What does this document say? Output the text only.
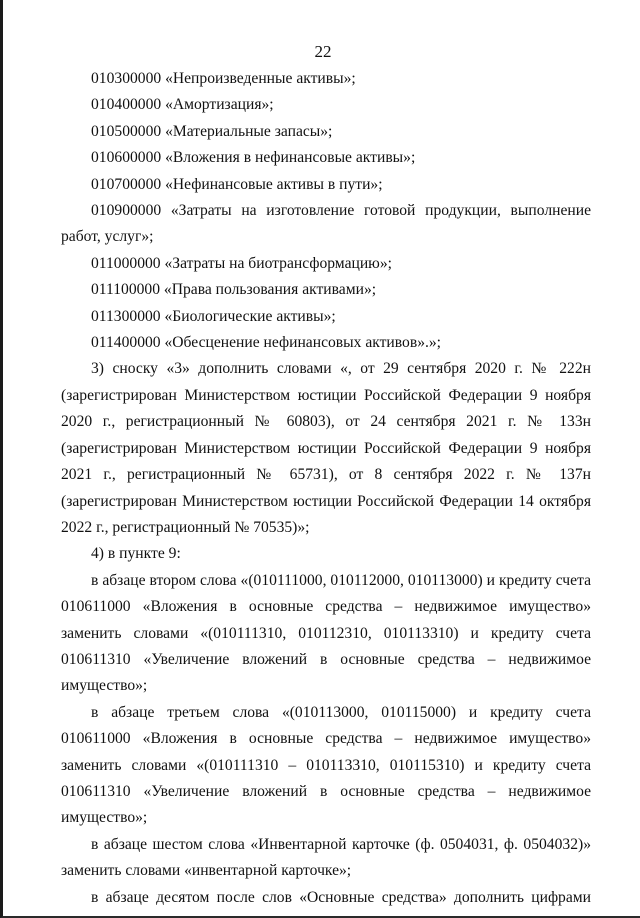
22

010300000 «Непроизведенные активы»;

010400000 «Амортизация»;

010500000 «Материальные запасы»;

010600000 «Вложения в нефинансовые активы»;

010700000 «Нефинансовые активы в пути»;

010900000 «Затраты на изготовление готовой продукции, выполнение работ, услуг»;

011000000 «Затраты на биотрансформацию»;

011100000 «Права пользования активами»;

011300000 «Биологические активы»;

011400000 «Обесценение нефинансовых активов».»;

3) сноску «3» дополнить словами «, от 29 сентября 2020 г. № 222н (зарегистрирован Министерством юстиции Российской Федерации 9 ноября 2020 г., регистрационный № 60803), от 24 сентября 2021 г. № 133н (зарегистрирован Министерством юстиции Российской Федерации 9 ноября 2021 г., регистрационный № 65731), от 8 сентября 2022 г. № 137н (зарегистрирован Министерством юстиции Российской Федерации 14 октября 2022 г., регистрационный № 70535)»;

4) в пункте 9:

в абзаце втором слова «(010111000, 010112000, 010113000) и кредиту счета 010611000 «Вложения в основные средства – недвижимое имущество» заменить словами «(010111310, 010112310, 010113310) и кредиту счета 010611310 «Увеличение вложений в основные средства – недвижимое имущество»;

в абзаце третьем слова «(010113000, 010115000) и кредиту счета 010611000 «Вложения в основные средства – недвижимое имущество» заменить словами «(010111310 – 010113310, 010115310) и кредиту счета 010611310 «Увеличение вложений в основные средства – недвижимое имущество»;

в абзаце шестом слова «Инвентарной карточке (ф. 0504031, ф. 0504032)» заменить словами «инвентарной карточке»;

в абзаце десятом после слов «Основные средства» дополнить цифрами
